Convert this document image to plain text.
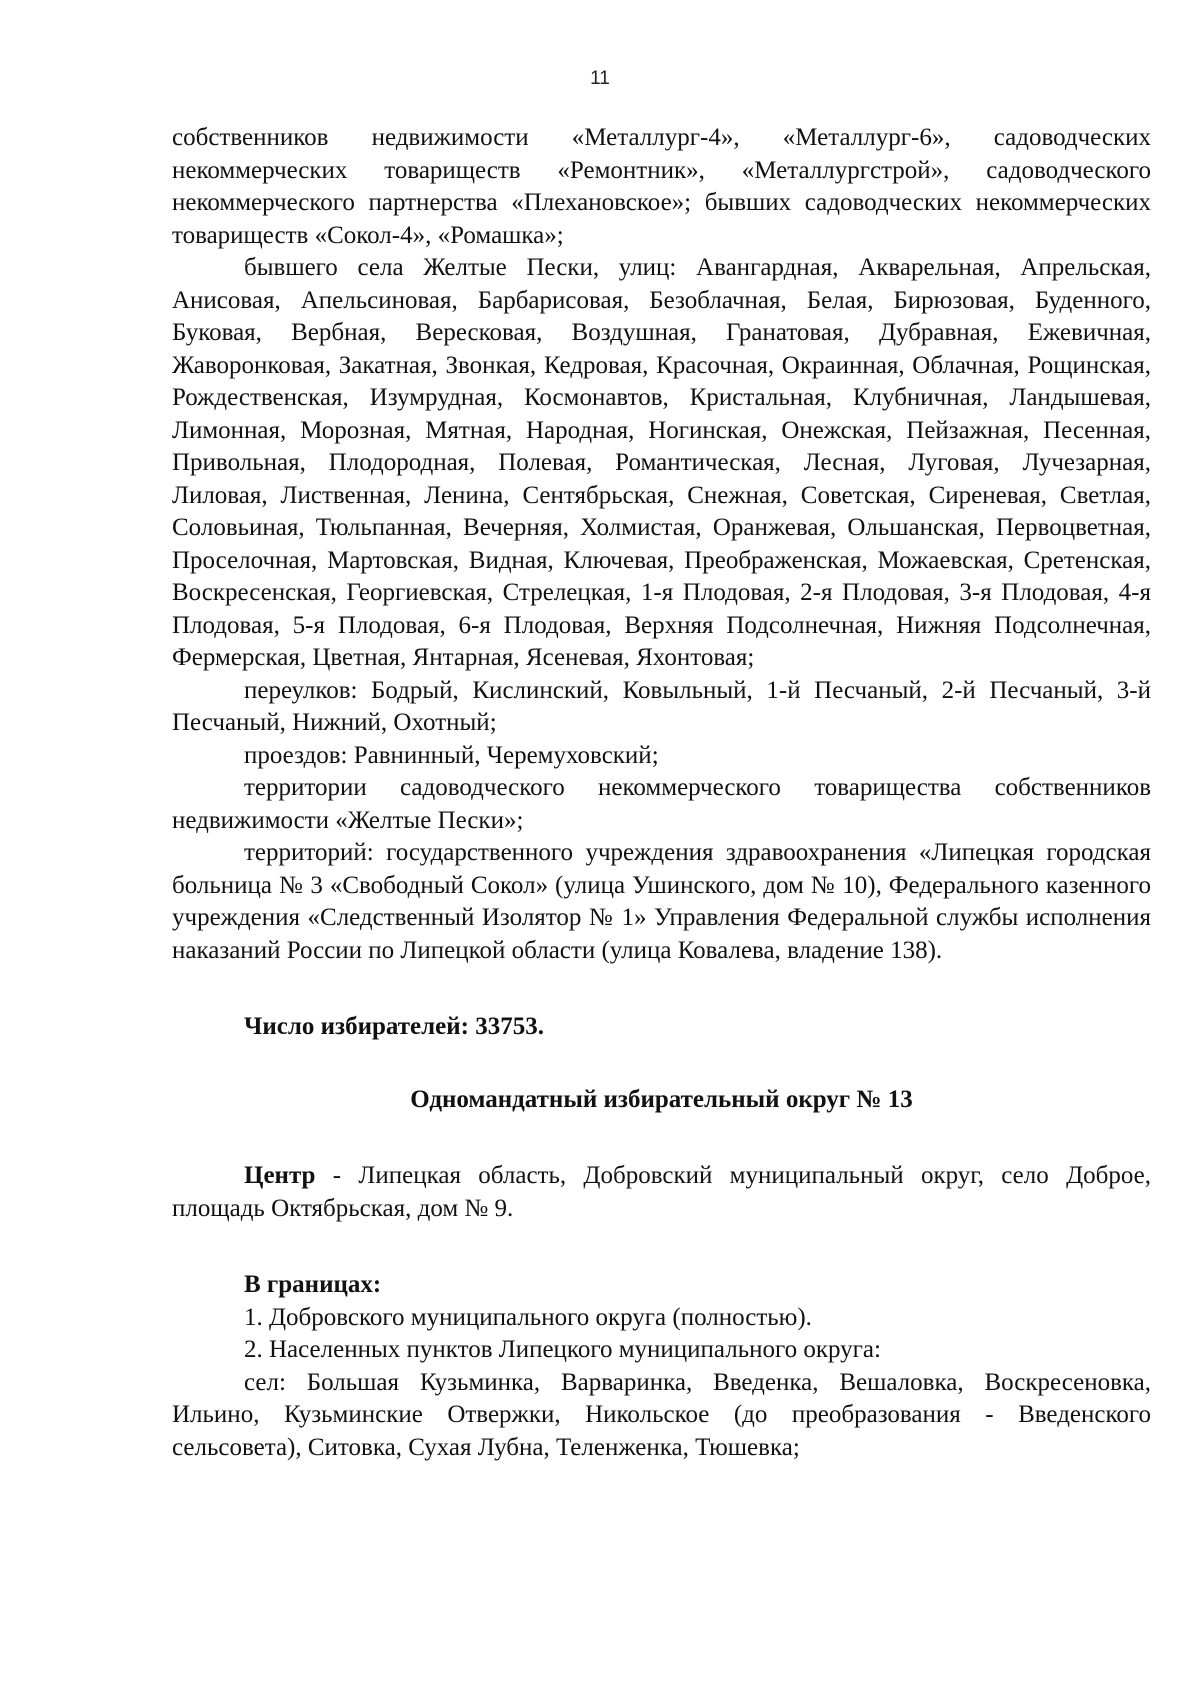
11

собственников недвижимости «Металлург-4», «Металлург-6», садоводческих некоммерческих товариществ «Ремонтник», «Металлургстрой», садоводческого некоммерческого партнерства «Плехановское»; бывших садоводческих некоммерческих товариществ «Сокол-4», «Ромашка»;

бывшего села Желтые Пески, улиц: Авангардная, Акварельная, Апрельская, Анисовая, Апельсиновая, Барбарисовая, Безоблачная, Белая, Бирюзовая, Буденного, Буковая, Вербная, Вересковая, Воздушная, Гранатовая, Дубравная, Ежевичная, Жаворонковая, Закатная, Звонкая, Кедровая, Красочная, Окраинная, Облачная, Рощинская, Рождественская, Изумрудная, Космонавтов, Кристальная, Клубничная, Ландышевая, Лимонная, Морозная, Мятная, Народная, Ногинская, Онежская, Пейзажная, Песенная, Привольная, Плодородная, Полевая, Романтическая, Лесная, Луговая, Лучезарная, Лиловая, Лиственная, Ленина, Сентябрьская, Снежная, Советская, Сиреневая, Светлая, Соловьиная, Тюльпанная, Вечерняя, Холмистая, Оранжевая, Ольшанская, Первоцветная, Проселочная, Мартовская, Видная, Ключевая, Преображенская, Можаевская, Сретенская, Воскресенская, Георгиевская, Стрелецкая, 1-я Плодовая, 2-я Плодовая, 3-я Плодовая, 4-я Плодовая, 5-я Плодовая, 6-я Плодовая, Верхняя Подсолнечная, Нижняя Подсолнечная, Фермерская, Цветная, Янтарная, Ясеневая, Яхонтовая;

переулков: Бодрый, Кислинский, Ковыльный, 1-й Песчаный, 2-й Песчаный, 3-й Песчаный, Нижний, Охотный;

проездов: Равнинный, Черемуховский;

территории садоводческого некоммерческого товарищества собственников недвижимости «Желтые Пески»;

территорий: государственного учреждения здравоохранения «Липецкая городская больница № 3 «Свободный Сокол» (улица Ушинского, дом № 10), Федерального казенного учреждения «Следственный Изолятор № 1» Управления Федеральной службы исполнения наказаний России по Липецкой области (улица Ковалева, владение 138).

Число избирателей: 33753.

Одномандатный избирательный округ № 13

Центр - Липецкая область, Добровский муниципальный округ, село Доброе, площадь Октябрьская, дом № 9.

В границах:

1. Добровского муниципального округа (полностью).

2. Населенных пунктов Липецкого муниципального округа:

сел: Большая Кузьминка, Варваринка, Введенка, Вешаловка, Воскресеновка, Ильино, Кузьминские Отвержки, Никольское (до преобразования - Введенского сельсовета), Ситовка, Сухая Лубна, Теленженка, Тюшевка;
